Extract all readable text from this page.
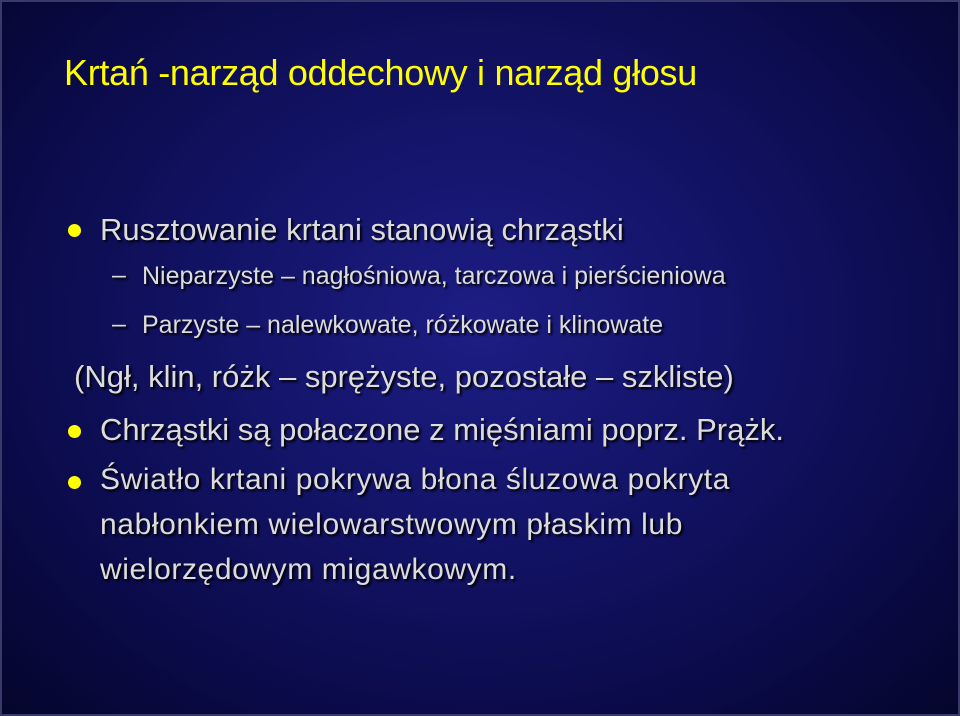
Krtań -narząd oddechowy i narząd głosu
Rusztowanie krtani stanowią chrząstki
– Nieparzyste – nagłośniowa, tarczowa i pierścieniowa
– Parzyste – nalewkowate, różkowate i klinowate
(Ngł, klin, różk – sprężyste, pozostałe – szkliste)
Chrząstki są połaczone z mięśniami poprz. Prążk.
Światło krtani pokrywa błona śluzowa pokryta
nabłonkiem wielowarstwowym płaskim lub
wielorzędowym migawkowym.
